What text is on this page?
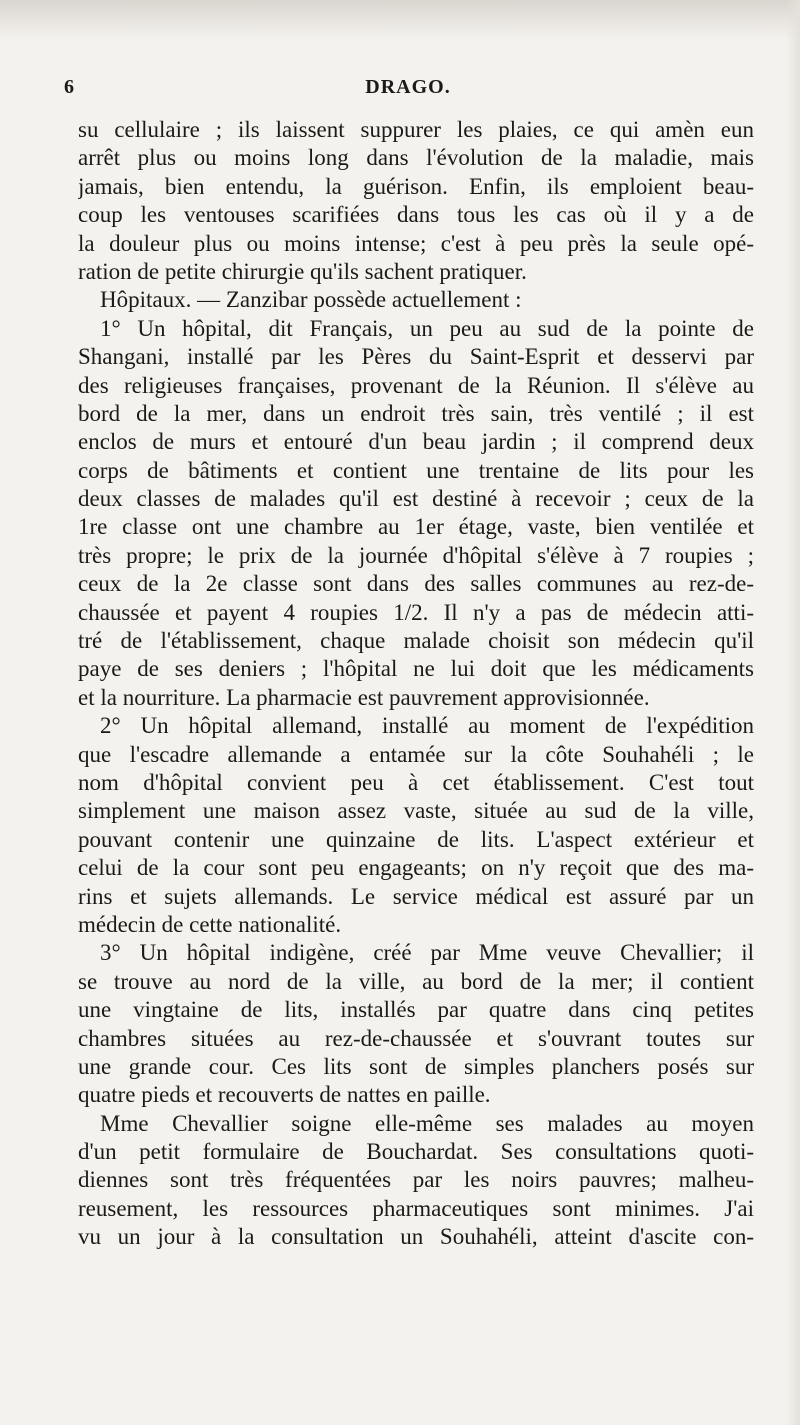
6	DRAGO.
su cellulaire ; ils laissent suppurer les plaies, ce qui amèn eun
arrêt plus ou moins long dans l'évolution de la maladie, mais
jamais, bien entendu, la guérison. Enfin, ils emploient beau-
coup les ventouses scarifiées dans tous les cas où il y a de
la douleur plus ou moins intense; c'est à peu près la seule opé-
ration de petite chirurgie qu'ils sachent pratiquer.
Hôpitaux. — Zanzibar possède actuellement :
1° Un hôpital, dit Français, un peu au sud de la pointe de
Shangani, installé par les Pères du Saint-Esprit et desservi par
des religieuses françaises, provenant de la Réunion. Il s'élève au
bord de la mer, dans un endroit très sain, très ventilé ; il est
enclos de murs et entouré d'un beau jardin ; il comprend deux
corps de bâtiments et contient une trentaine de lits pour les
deux classes de malades qu'il est destiné à recevoir ; ceux de la
1re classe ont une chambre au 1er étage, vaste, bien ventilée et
très propre; le prix de la journée d'hôpital s'élève à 7 roupies ;
ceux de la 2e classe sont dans des salles communes au rez-de-
chaussée et payent 4 roupies 1/2. Il n'y a pas de médecin atti-
tré de l'établissement, chaque malade choisit son médecin qu'il
paye de ses deniers ; l'hôpital ne lui doit que les médicaments
et la nourriture. La pharmacie est pauvrement approvisionnée.
2° Un hôpital allemand, installé au moment de l'expédition
que l'escadre allemande a entamée sur la côte Souhahéli ; le
nom d'hôpital convient peu à cet établissement. C'est tout
simplement une maison assez vaste, située au sud de la ville,
pouvant contenir une quinzaine de lits. L'aspect extérieur et
celui de la cour sont peu engageants; on n'y reçoit que des ma-
rins et sujets allemands. Le service médical est assuré par un
médecin de cette nationalité.
3° Un hôpital indigène, créé par Mme veuve Chevallier; il
se trouve au nord de la ville, au bord de la mer; il contient
une vingtaine de lits, installés par quatre dans cinq petites
chambres situées au rez-de-chaussée et s'ouvrant toutes sur
une grande cour. Ces lits sont de simples planchers posés sur
quatre pieds et recouverts de nattes en paille.
Mme Chevallier soigne elle-même ses malades au moyen
d'un petit formulaire de Bouchardat. Ses consultations quoti-
diennes sont très fréquentées par les noirs pauvres; malheu-
reusement, les ressources pharmaceutiques sont minimes. J'ai
vu un jour à la consultation un Souhahéli, atteint d'ascite con-
